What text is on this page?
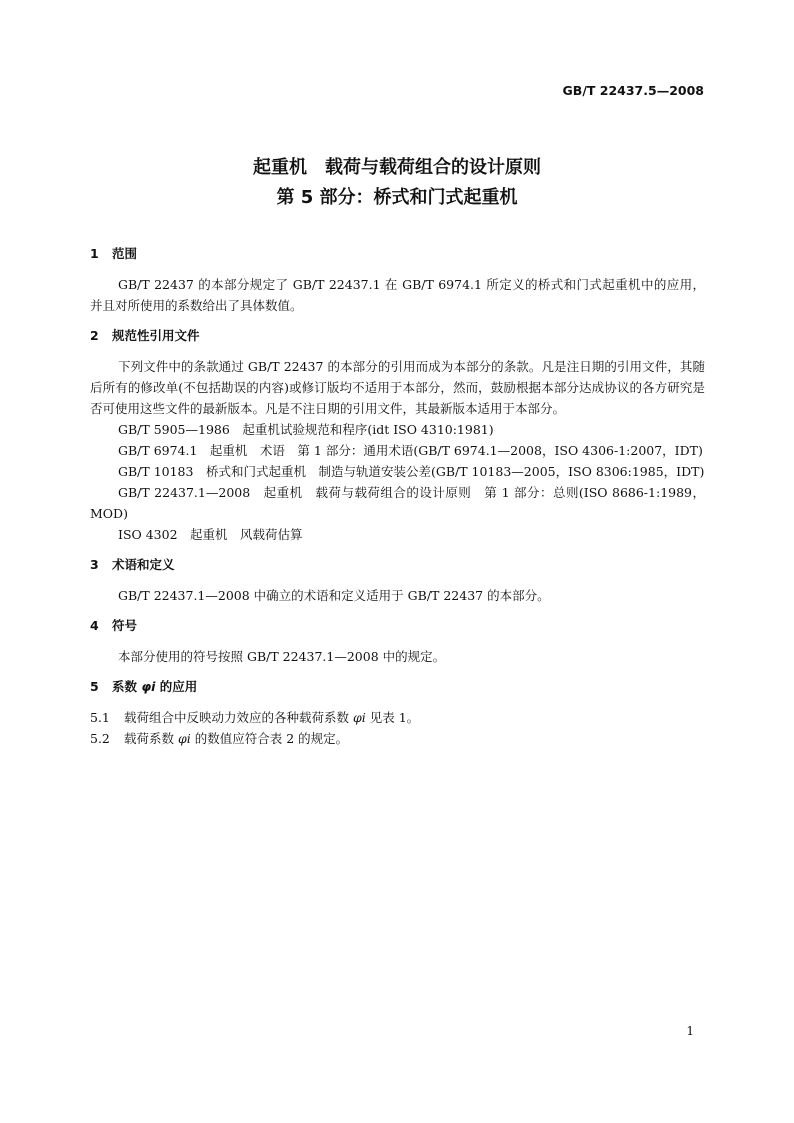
GB/T 22437.5—2008
起重机　载荷与载荷组合的设计原则
第 5 部分：桥式和门式起重机
1 范围

GB/T 22437 的本部分规定了 GB/T 22437.1 在 GB/T 6974.1 所定义的桥式和门式起重机中的应用，并且对所使用的系数给出了具体数值。

2 规范性引用文件

下列文件中的条款通过 GB/T 22437 的本部分的引用而成为本部分的条款。凡是注日期的引用文件，其随后所有的修改单(不包括勘误的内容)或修订版均不适用于本部分，然而，鼓励根据本部分达成协议的各方研究是否可使用这些文件的最新版本。凡是不注日期的引用文件，其最新版本适用于本部分。

GB/T 5905—1986　起重机试验规范和程序(idt ISO 4310:1981)

GB/T 6974.1　起重机　术语　第 1 部分：通用术语(GB/T 6974.1—2008，ISO 4306-1:2007，IDT)

GB/T 10183　桥式和门式起重机　制造与轨道安装公差(GB/T 10183—2005，ISO 8306:1985，IDT)

GB/T 22437.1—2008　起重机　载荷与载荷组合的设计原则　第 1 部分：总则(ISO 8686-1:1989，MOD)

ISO 4302　起重机　风载荷估算

3 术语和定义

GB/T 22437.1—2008 中确立的术语和定义适用于 GB/T 22437 的本部分。

4 符号

本部分使用的符号按照 GB/T 22437.1—2008 中的规定。

5 系数 φi 的应用

5.1 载荷组合中反映动力效应的各种载荷系数 φi 见表 1。

5.2 载荷系数 φi 的数值应符合表 2 的规定。

1
